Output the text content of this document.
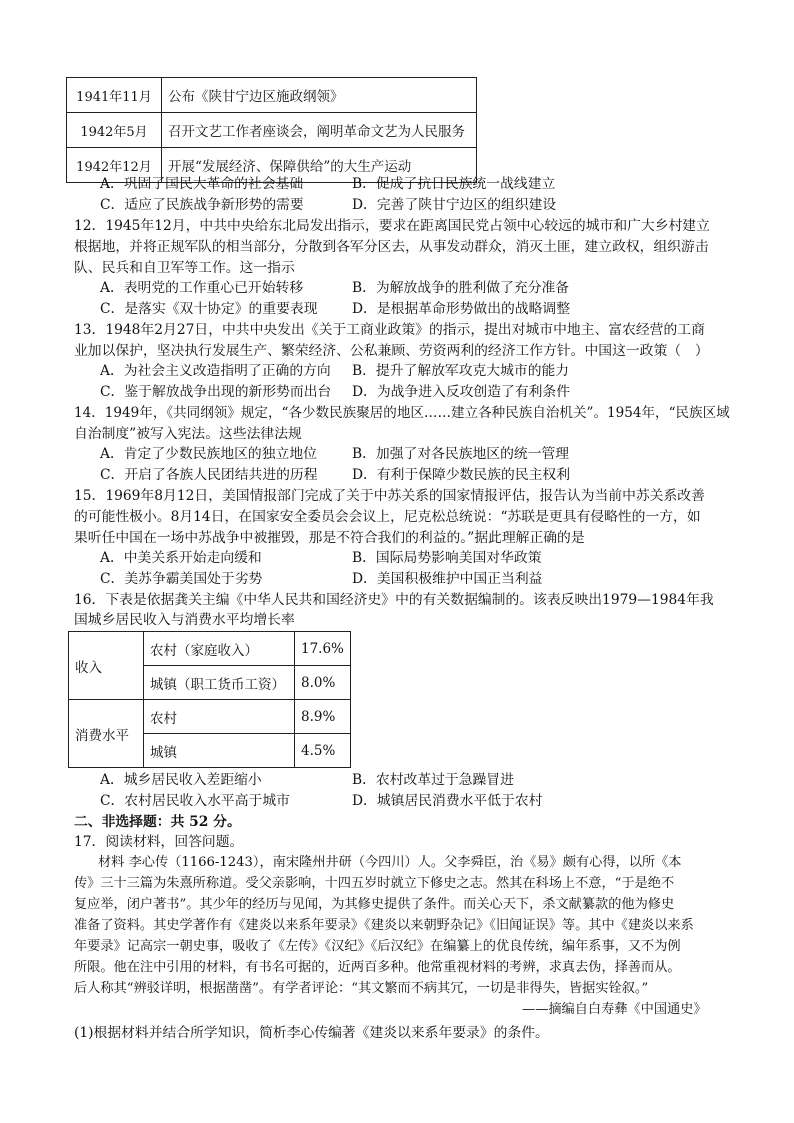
1941年11月	公布《陕甘宁边区施政纲领》
1942年5月	召开文艺工作者座谈会，阐明革命文艺为人民服务
1942年12月	开展“发展经济、保障供给”的大生产运动
A．巩固了国民大革命的社会基础	B．促成了抗日民族统一战线建立
C．适应了民族战争新形势的需要	D．完善了陕甘宁边区的组织建设
12．1945年12月，中共中央给东北局发出指示，要求在距离国民党占领中心较远的城市和广大乡村建立
根据地，并将正规军队的相当部分，分散到各军分区去，从事发动群众，消灭土匪，建立政权，组织游击
队、民兵和自卫军等工作。这一指示
A．表明党的工作重心已开始转移	B．为解放战争的胜利做了充分准备
C．是落实《双十协定》的重要表现 D．是根据革命形势做出的战略调整
13．1948年2月27日，中共中央发出《关于工商业政策》的指示，提出对城市中地主、富农经营的工商
业加以保护，坚决执行发展生产、繁荣经济、公私兼顾、劳资两利的经济工作方针。中国这一政策（　）
A．为社会主义改造指明了正确的方向 B．提升了解放军攻克大城市的能力
C．鉴于解放战争出现的新形势而出台 D．为战争进入反攻创造了有利条件
14．1949年，《共同纲领》规定，“各少数民族聚居的地区……建立各种民族自治机关”。1954年，“民族区域
自治制度”被写入宪法。这些法律法规
A．肯定了少数民族地区的独立地位	B．加强了对各民族地区的统一管理
C．开启了各族人民团结共进的历程 D．有利于保障少数民族的民主权利
15．1969年8月12日，美国情报部门完成了关于中苏关系的国家情报评估，报告认为当前中苏关系改善
的可能性极小。8月14日，在国家安全委员会会议上，尼克松总统说：“苏联是更具有侵略性的一方，如
果听任中国在一场中苏战争中被摧毁，那是不符合我们的利益的。”据此理解正确的是
A．中美关系开始走向缓和	B．国际局势影响美国对华政策
C．美苏争霸美国处于劣势	D．美国积极维护中国正当利益
16．下表是依据龚关主编《中华人民共和国经济史》中的有关数据编制的。该表反映出1979—1984年我
国城乡居民收入与消费水平均增长率
收入	农村（家庭收入）	17.6%
	城镇（职工货币工资）	8.0%
消费水平	农村	8.9%
	城镇	4.5%
A．城乡居民收入差距缩小	B．农村改革过于急躁冒进
C．农村居民收入水平高于城市	D．城镇居民消费水平低于农村
二、非选择题：共 52 分。
17．阅读材料，回答问题。
材料 李心传（1166-1243），南宋隆州井研（今四川）人。父李舜臣，治《易》颇有心得，以所《本
传》三十三篇为朱熹所称道。受父亲影响，十四五岁时就立下修史之志。然其在科场上不意，“于是绝不
复应举，闭户著书”。其少年的经历与见闻，为其修史提供了条件。而关心天下，杀文献纂款的他为修史
准备了资料。其史学著作有《建炎以来系年要录》《建炎以来朝野杂记》《旧闻证误》等。其中《建炎以来系
年要录》记高宗一朝史事，吸收了《左传》《汉纪》《后汉纪》在编纂上的优良传统，编年系事，又不为例
所限。他在注中引用的材料，有书名可据的，近两百多种。他常重视材料的考辨，求真去伪，择善而从。
后人称其“辨驳详明，根据凿凿”。有学者评论：“其文繁而不病其冗，一切是非得失，皆据实铨叙。”
——摘编自白寿彝《中国通史》
(1)根据材料并结合所学知识，简析李心传编著《建炎以来系年要录》的条件。
